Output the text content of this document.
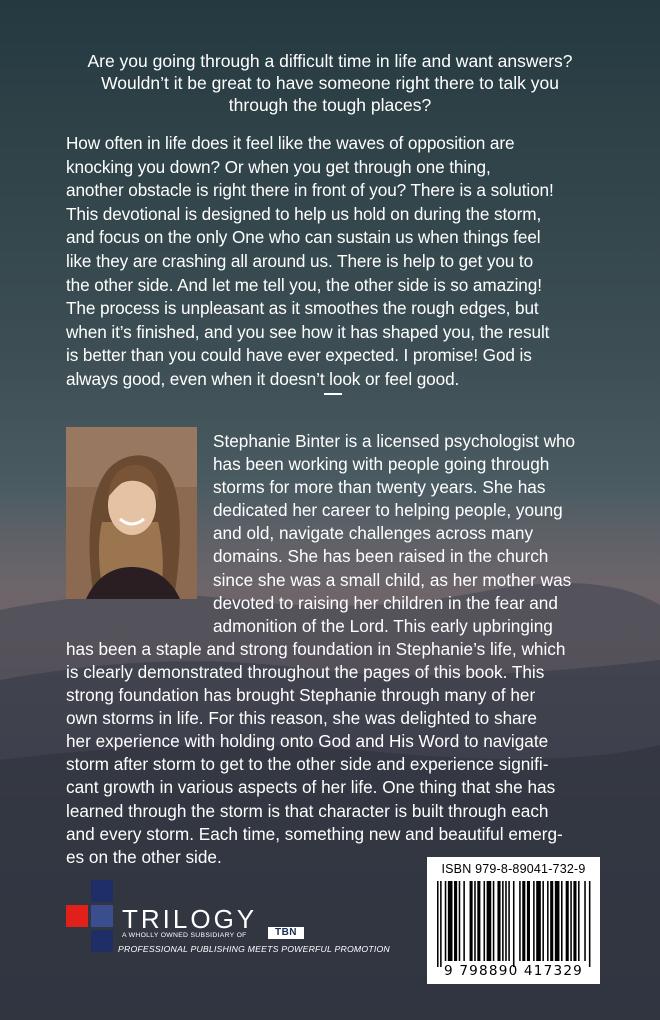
Are you going through a difficult time in life and want answers?
Wouldn’t it be great to have someone right there to talk you
through the tough places?
How often in life does it feel like the waves of opposition are
knocking you down? Or when you get through one thing,
another obstacle is right there in front of you? There is a solution!
This devotional is designed to help us hold on during the storm,
and focus on the only One who can sustain us when things feel
like they are crashing all around us. There is help to get you to
the other side. And let me tell you, the other side is so amazing!
The process is unpleasant as it smoothes the rough edges, but
when it’s finished, and you see how it has shaped you, the result
is better than you could have ever expected. I promise! God is
always good, even when it doesn’t look or feel good.
Stephanie Binter is a licensed psychologist who
has been working with people going through
storms for more than twenty years. She has
dedicated her career to helping people, young
and old, navigate challenges across many
domains. She has been raised in the church
since she was a small child, as her mother was
devoted to raising her children in the fear and
admonition of the Lord. This early upbringing
has been a staple and strong foundation in Stephanie’s life, which
is clearly demonstrated throughout the pages of this book. This
strong foundation has brought Stephanie through many of her
own storms in life. For this reason, she was delighted to share
her experience with holding onto God and His Word to navigate
storm after storm to get to the other side and experience signifi-
cant growth in various aspects of her life. One thing that she has
learned through the storm is that character is built through each
and every storm. Each time, something new and beautiful emerg-
es on the other side.
TRILOGY
A WHOLLY OWNED SUBSIDIARY OF	TBN
PROFESSIONAL PUBLISHING MEETS POWERFUL PROMOTION
ISBN 979-8-89041-732-9
9 798890 417329
